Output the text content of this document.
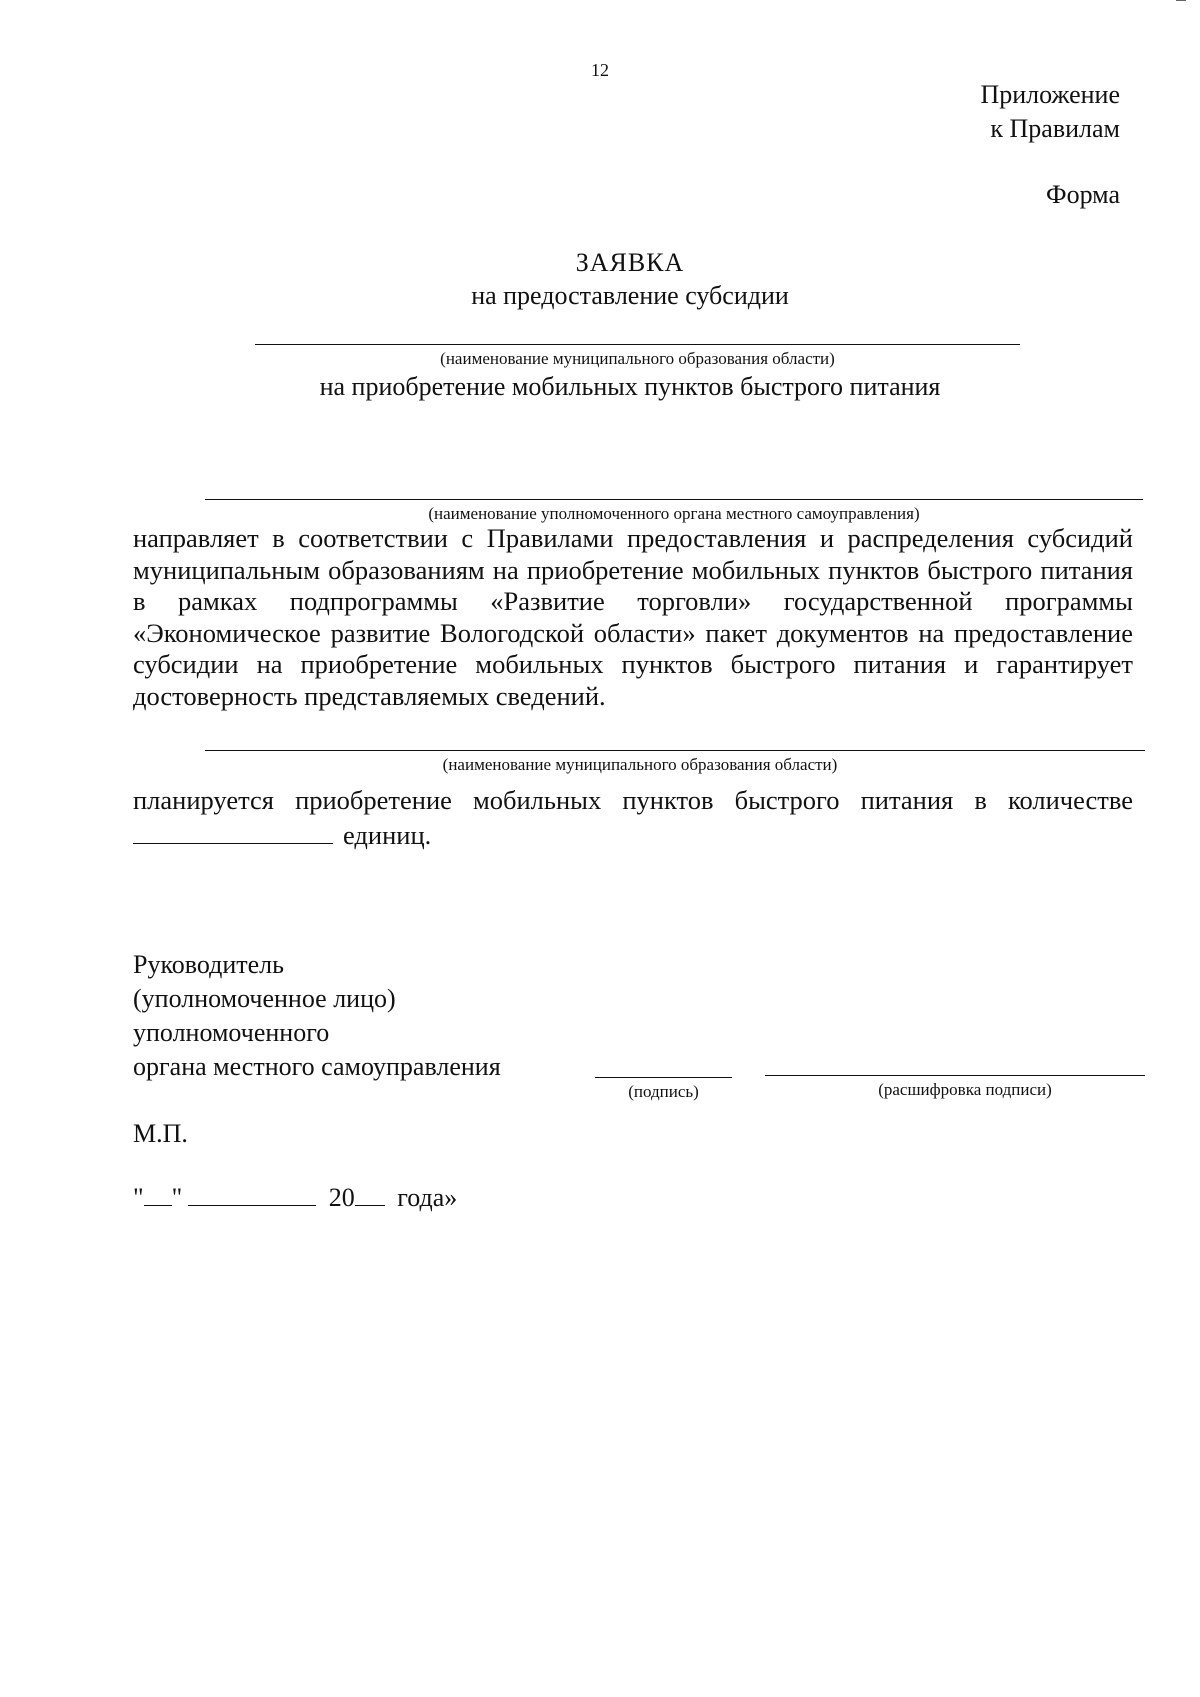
12
Приложение
к Правилам
Форма
ЗАЯВКА
на предоставление субсидии
(наименование муниципального образования области)
на приобретение мобильных пунктов быстрого питания
(наименование уполномоченного органа местного самоуправления)
направляет в соответствии с Правилами предоставления и распределения субсидий муниципальным образованиям на приобретение мобильных пунктов быстрого питания в рамках подпрограммы «Развитие торговли» государственной программы «Экономическое развитие Вологодской области» пакет документов на предоставление субсидии на приобретение мобильных пунктов быстрого питания и гарантирует достоверность представляемых сведений.
(наименование муниципального образования области)
планируется приобретение мобильных пунктов быстрого питания в количестве
единиц.
Руководитель
(уполномоченное лицо)
уполномоченного
органа местного самоуправления
(подпись)	(расшифровка подписи)
М.П.
" "	20 года»
